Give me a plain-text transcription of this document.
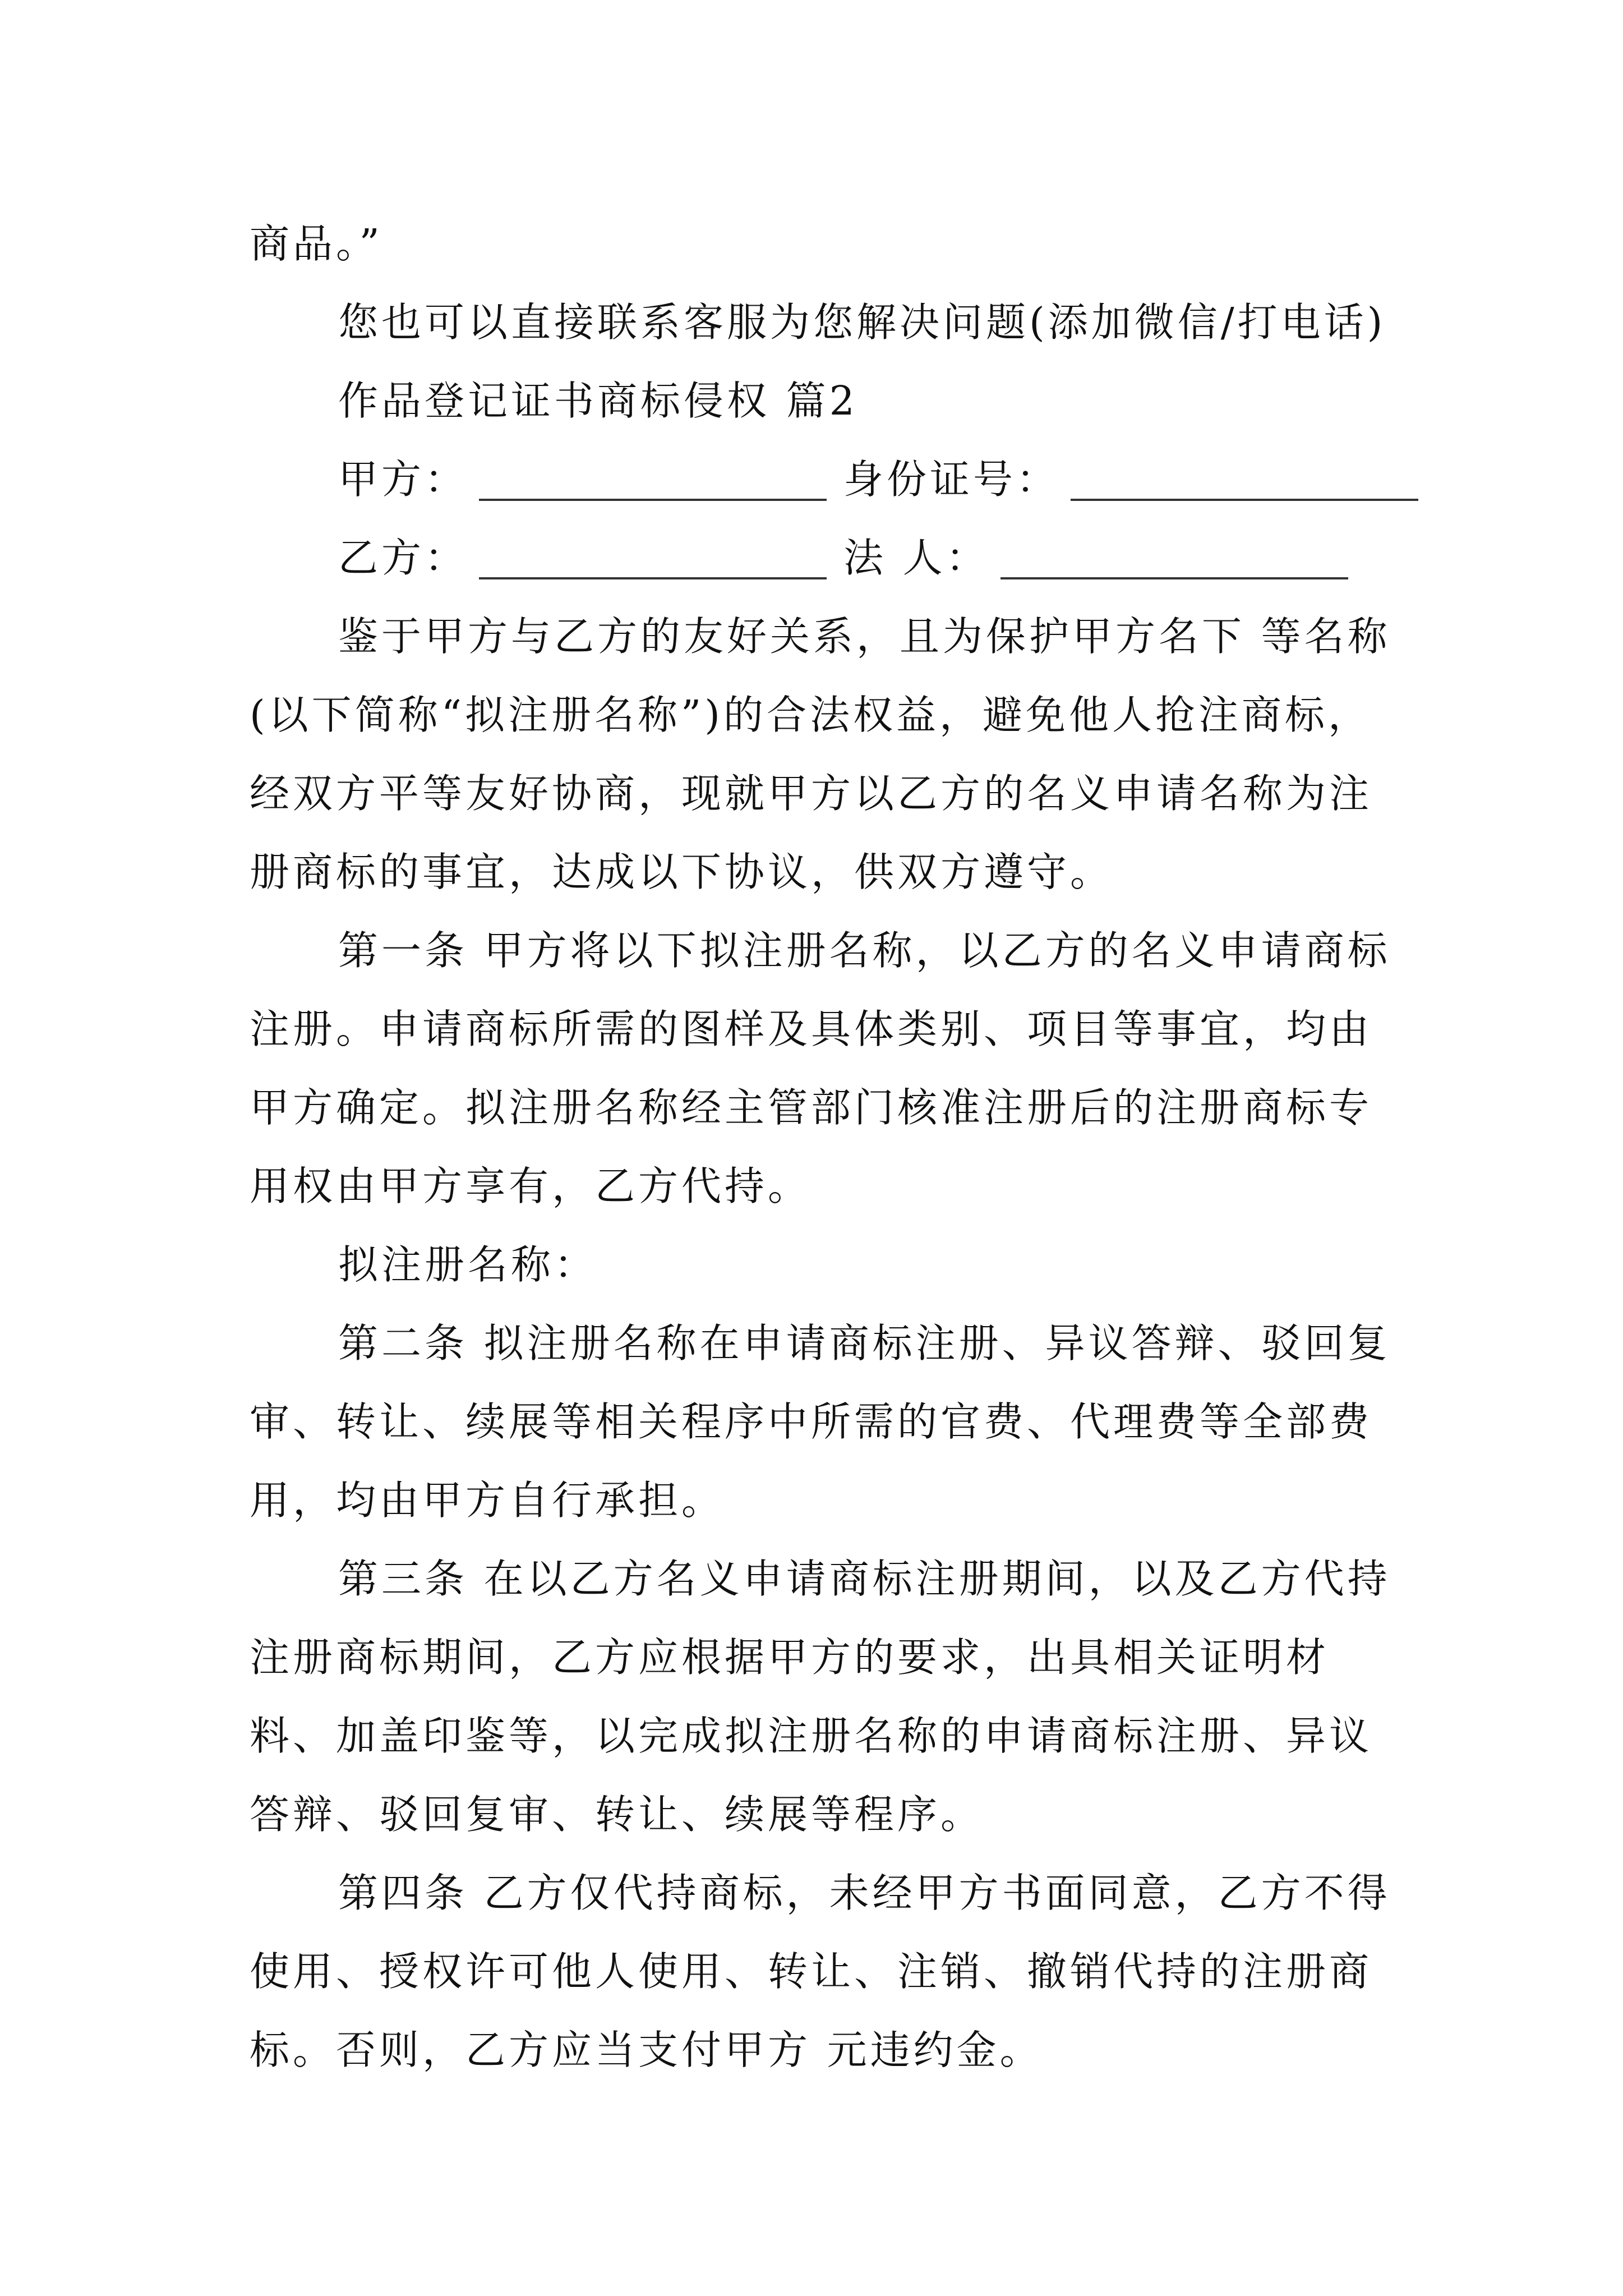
商品。”
您也可以直接联系客服为您解决问题(添加微信/打电话)
作品登记证书商标侵权 篇2
甲方：	身份证号：
乙方：	法 人：
鉴于甲方与乙方的友好关系，且为保护甲方名下 等名称(以下简称“拟注册名称”)的合法权益，避免他人抢注商标，经双方平等友好协商，现就甲方以乙方的名义申请名称为注册商标的事宜，达成以下协议，供双方遵守。
第一条 甲方将以下拟注册名称，以乙方的名义申请商标注册。申请商标所需的图样及具体类别、项目等事宜，均由甲方确定。拟注册名称经主管部门核准注册后的注册商标专用权由甲方享有，乙方代持。
拟注册名称：
第二条 拟注册名称在申请商标注册、异议答辩、驳回复审、转让、续展等相关程序中所需的官费、代理费等全部费用，均由甲方自行承担。
第三条 在以乙方名义申请商标注册期间，以及乙方代持注册商标期间，乙方应根据甲方的要求，出具相关证明材料、加盖印鉴等，以完成拟注册名称的申请商标注册、异议答辩、驳回复审、转让、续展等程序。
第四条 乙方仅代持商标，未经甲方书面同意，乙方不得使用、授权许可他人使用、转让、注销、撤销代持的注册商标。否则，乙方应当支付甲方 元违约金。
